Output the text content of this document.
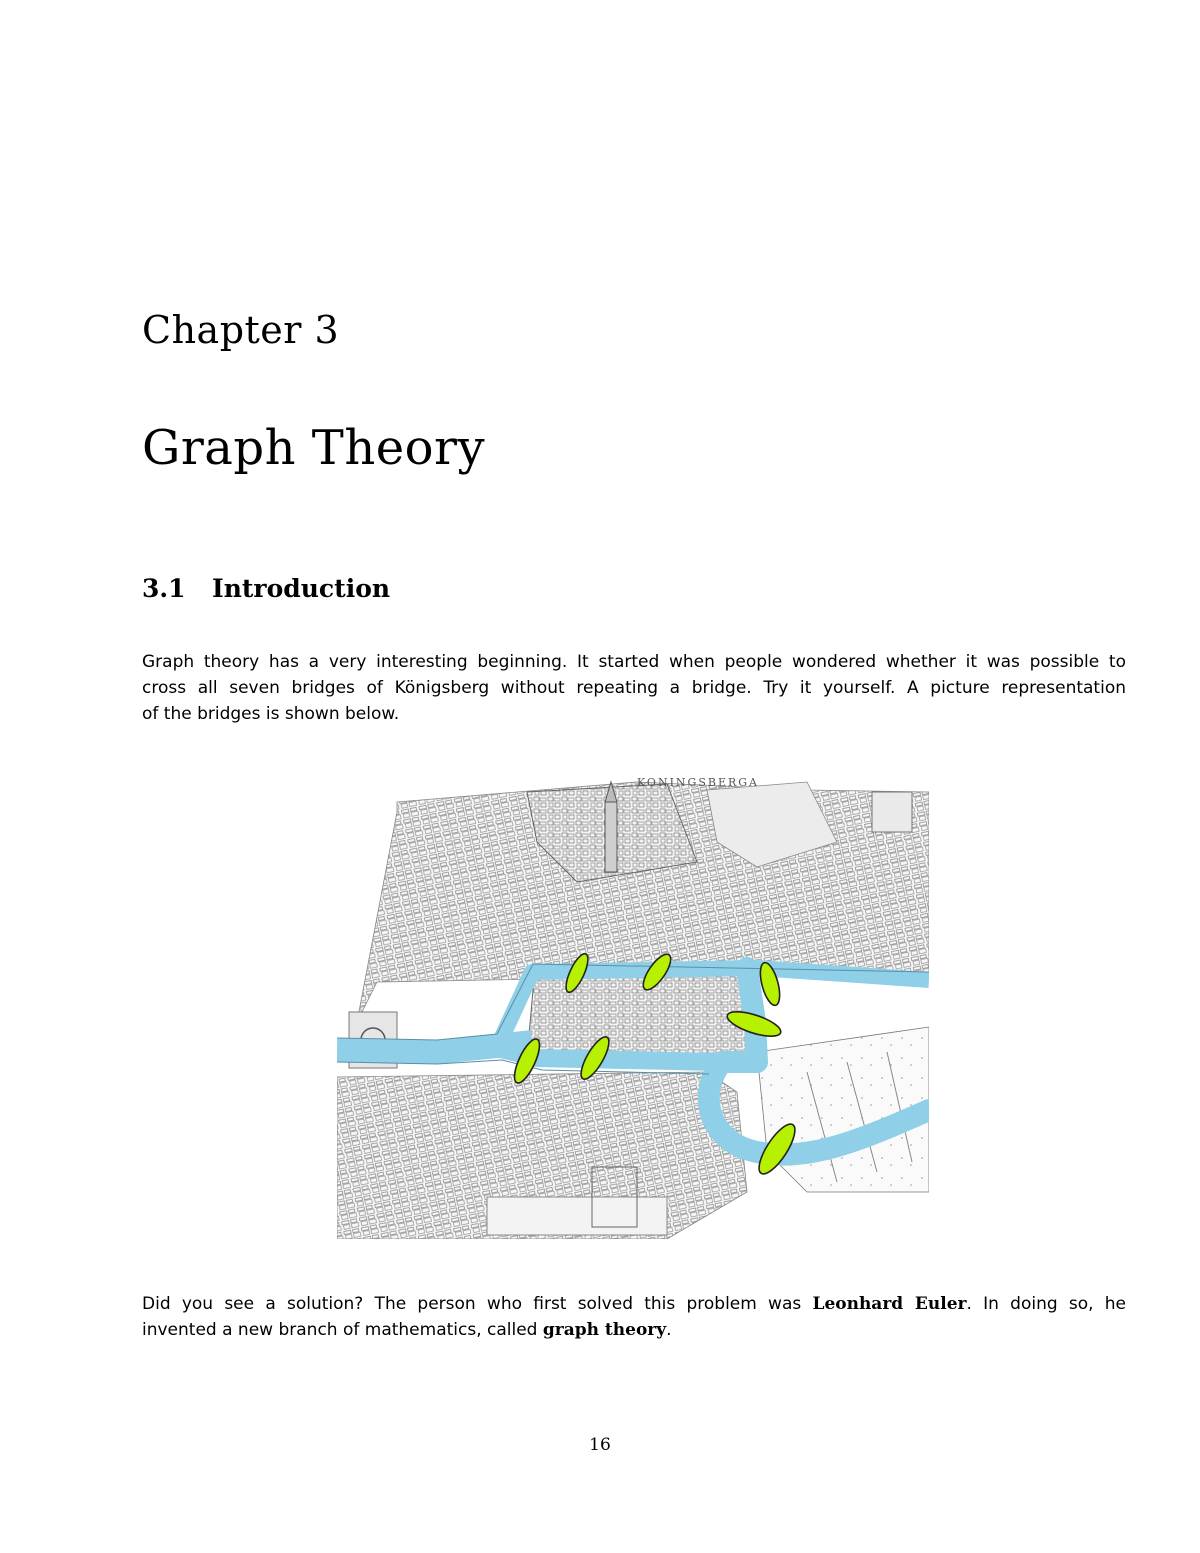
Chapter 3
Graph Theory
3.1 Introduction
Graph theory has a very interesting beginning. It started when people wondered whether it was possible to
cross all seven bridges of Königsberg without repeating a bridge. Try it yourself. A picture representation
of the bridges is shown below.
KONINGSBERGA
Did you see a solution? The person who first solved this problem was Leonhard Euler. In doing so, he
invented a new branch of mathematics, called graph theory.
16
